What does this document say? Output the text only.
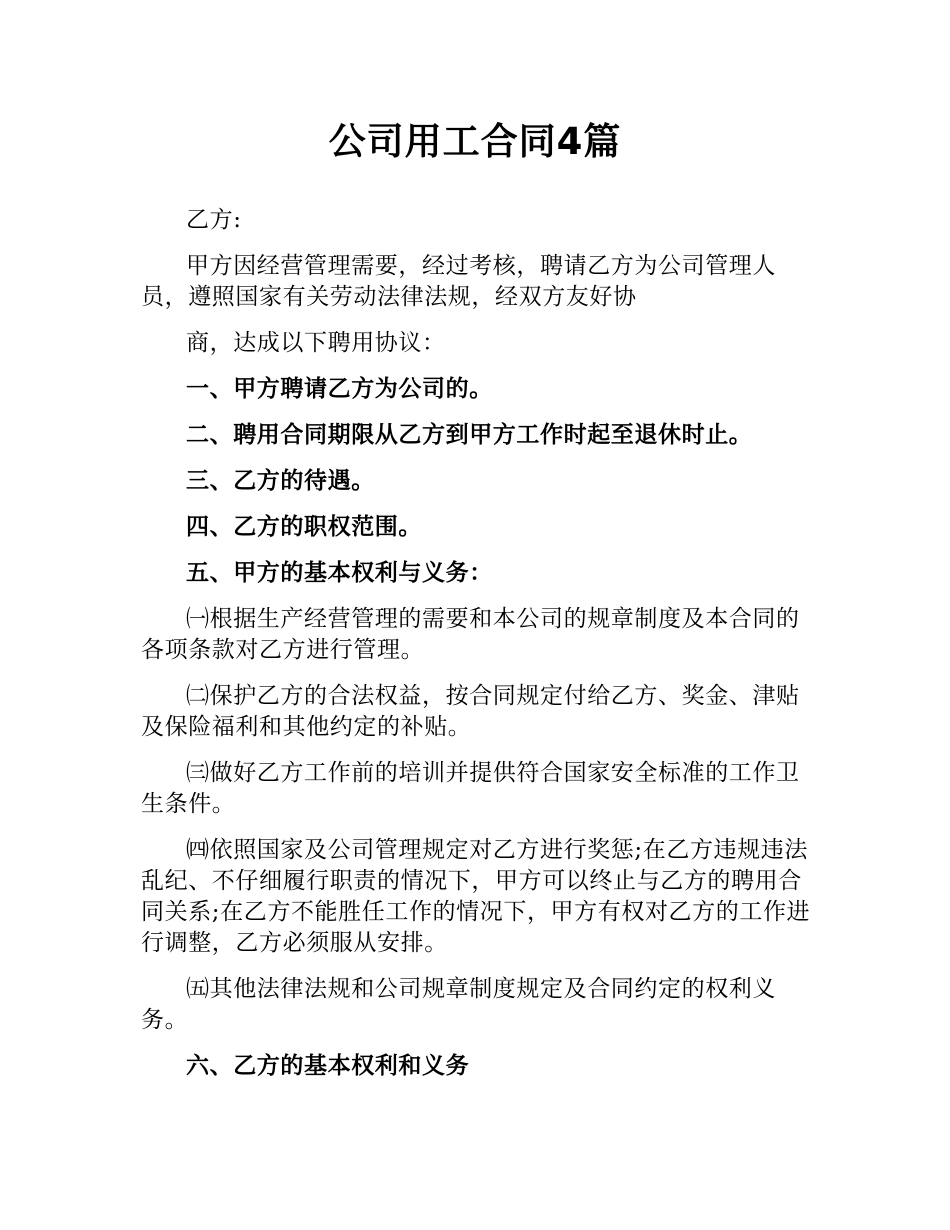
公司用工合同4篇

乙方:

甲方因经营管理需要，经过考核，聘请乙方为公司管理人员，遵照国家有关劳动法律法规，经双方友好协

商，达成以下聘用协议：

一、甲方聘请乙方为公司的。

二、聘用合同期限从乙方到甲方工作时起至退休时止。

三、乙方的待遇。

四、乙方的职权范围。

五、甲方的基本权利与义务：

㈠根据生产经营管理的需要和本公司的规章制度及本合同的各项条款对乙方进行管理。

㈡保护乙方的合法权益，按合同规定付给乙方、奖金、津贴及保险福利和其他约定的补贴。

㈢做好乙方工作前的培训并提供符合国家安全标准的工作卫生条件。

㈣依照国家及公司管理规定对乙方进行奖惩;在乙方违规违法乱纪、不仔细履行职责的情况下，甲方可以终止与乙方的聘用合同关系;在乙方不能胜任工作的情况下，甲方有权对乙方的工作进行调整，乙方必须服从安排。

㈤其他法律法规和公司规章制度规定及合同约定的权利义务。

六、乙方的基本权利和义务
